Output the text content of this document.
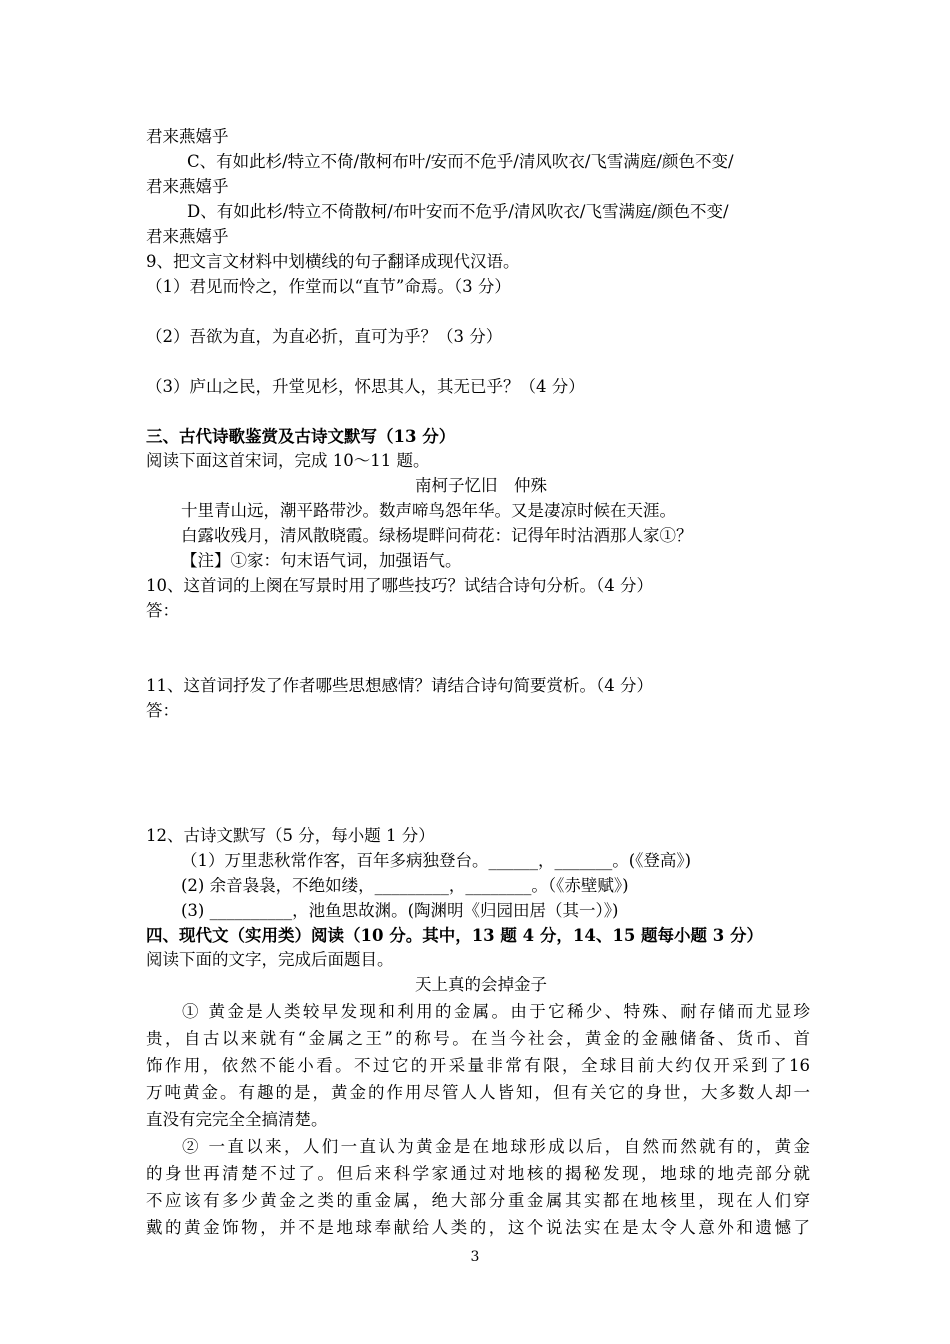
君来燕嬉乎
C、有如此杉/特立不倚/散柯布叶/安而不危乎/清风吹衣/飞雪满庭/颜色不变/
君来燕嬉乎
D、有如此杉/特立不倚散柯/布叶安而不危乎/清风吹衣/飞雪满庭/颜色不变/
君来燕嬉乎
9、把文言文材料中划横线的句子翻译成现代汉语。
（1）君见而怜之，作堂而以“直节”命焉。（3 分）
（2）吾欲为直，为直必折，直可为乎？（3 分）
（3）庐山之民，升堂见杉，怀思其人，其无已乎？（4 分）
三、古代诗歌鉴赏及古诗文默写（13 分）
阅读下面这首宋词，完成 10～11 题。
南柯子忆旧　仲殊
十里青山远，潮平路带沙。数声啼鸟怨年华。又是凄凉时候在天涯。
白露收残月，清风散晓霞。绿杨堤畔问荷花：记得年时沽酒那人家①？
【注】①家：句末语气词，加强语气。
10、这首词的上阕在写景时用了哪些技巧？试结合诗句分析。（4 分）
答：
11、这首词抒发了作者哪些思想感情？请结合诗句简要赏析。（4 分）
答：
12、古诗文默写（5 分，每小题 1 分）
（1）万里悲秋常作客，百年多病独登台。______，_______。(《登高》)
(2) 余音袅袅，不绝如缕，_________，________。（《赤壁赋》)
(3) __________，池鱼思故渊。(陶渊明《归园田居（其一）》)
四、现代文（实用类）阅读（10 分。其中，13 题 4 分，14、15 题每小题 3 分）
阅读下面的文字，完成后面题目。
天上真的会掉金子
① 黄金是人类较早发现和利用的金属。由于它稀少、特殊、耐存储而尤显珍
贵，自古以来就有“金属之王”的称号。在当今社会，黄金的金融储备、货币、首
饰作用，依然不能小看。不过它的开采量非常有限，全球目前大约仅开采到了16
万吨黄金。有趣的是，黄金的作用尽管人人皆知，但有关它的身世，大多数人却一
直没有完完全全搞清楚。
② 一直以来，人们一直认为黄金是在地球形成以后，自然而然就有的，黄金
的身世再清楚不过了。但后来科学家通过对地核的揭秘发现，地球的地壳部分就
不应该有多少黄金之类的重金属，绝大部分重金属其实都在地核里，现在人们穿
戴的黄金饰物，并不是地球奉献给人类的，这个说法实在是太令人意外和遗憾了
3
